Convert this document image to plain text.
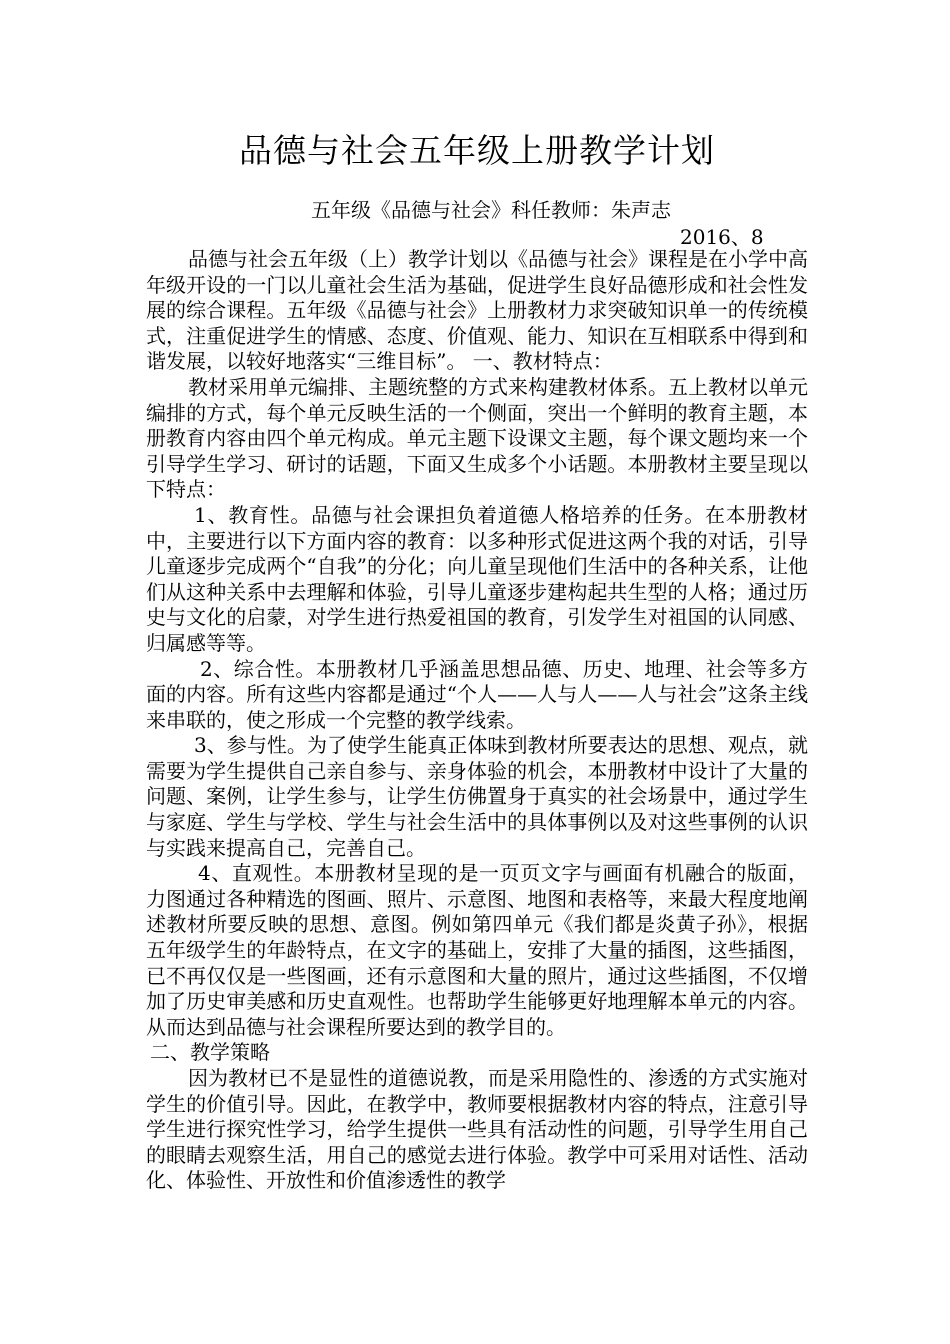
品德与社会五年级上册教学计划

五年级《品德与社会》科任教师：朱声志

2016、8

品德与社会五年级（上）教学计划以《品德与社会》课程是在小学中高年级开设的一门以儿童社会生活为基础，促进学生良好品德形成和社会性发展的综合课程。五年级《品德与社会》上册教材力求突破知识单一的传统模式，注重促进学生的情感、态度、价值观、能力、知识在互相联系中得到和谐发展，以较好地落实“三维目标”。 一、教材特点：

教材采用单元编排、主题统整的方式来构建教材体系。五上教材以单元编排的方式，每个单元反映生活的一个侧面，突出一个鲜明的教育主题，本册教育内容由四个单元构成。单元主题下设课文主题，每个课文题均来一个引导学生学习、研讨的话题，下面又生成多个小话题。本册教材主要呈现以下特点：

1、教育性。品德与社会课担负着道德人格培养的任务。在本册教材中，主要进行以下方面内容的教育：以多种形式促进这两个我的对话，引导儿童逐步完成两个“自我”的分化；向儿童呈现他们生活中的各种关系，让他们从这种关系中去理解和体验，引导儿童逐步建构起共生型的人格；通过历史与文化的启蒙，对学生进行热爱祖国的教育，引发学生对祖国的认同感、归属感等等。

2、综合性。本册教材几乎涵盖思想品德、历史、地理、社会等多方面的内容。所有这些内容都是通过“个人——人与人——人与社会”这条主线来串联的，使之形成一个完整的教学线索。

3、参与性。为了使学生能真正体味到教材所要表达的思想、观点，就需要为学生提供自己亲自参与、亲身体验的机会，本册教材中设计了大量的问题、案例，让学生参与，让学生仿佛置身于真实的社会场景中，通过学生与家庭、学生与学校、学生与社会生活中的具体事例以及对这些事例的认识与实践来提高自己，完善自己。

4、直观性。本册教材呈现的是一页页文字与画面有机融合的版面，力图通过各种精选的图画、照片、示意图、地图和表格等，来最大程度地阐述教材所要反映的思想、意图。例如第四单元《我们都是炎黄子孙》，根据五年级学生的年龄特点，在文字的基础上，安排了大量的插图，这些插图，已不再仅仅是一些图画，还有示意图和大量的照片，通过这些插图，不仅增加了历史审美感和历史直观性。也帮助学生能够更好地理解本单元的内容。从而达到品德与社会课程所要达到的教学目的。

二、教学策略

因为教材已不是显性的道德说教，而是采用隐性的、渗透的方式实施对学生的价值引导。因此，在教学中，教师要根据教材内容的特点，注意引导学生进行探究性学习，给学生提供一些具有活动性的问题，引导学生用自己的眼睛去观察生活，用自己的感觉去进行体验。教学中可采用对话性、活动化、体验性、开放性和价值渗透性的教学
